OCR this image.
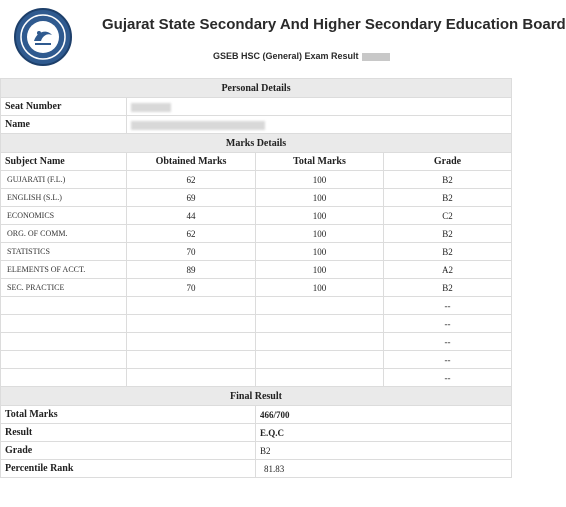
Gujarat State Secondary And Higher Secondary Education Board
GSEB HSC (General) Exam Result
Personal Details			
Seat Number			
Name			
Marks Details			
Subject Name	Obtained Marks	Total Marks	Grade
GUJARATI (F.L.)	62	100	B2
ENGLISH (S.L.)	69	100	B2
ECONOMICS	44	100	C2
ORG. OF COMM.	62	100	B2
STATISTICS	70	100	B2
ELEMENTS OF ACCT.	89	100	A2
SEC. PRACTICE	70	100	B2
			--
			--
			--
			--
			--
Final Result			
Total Marks		466/700	
Result		E.Q.C	
Grade		B2	
Percentile Rank		81.83	
